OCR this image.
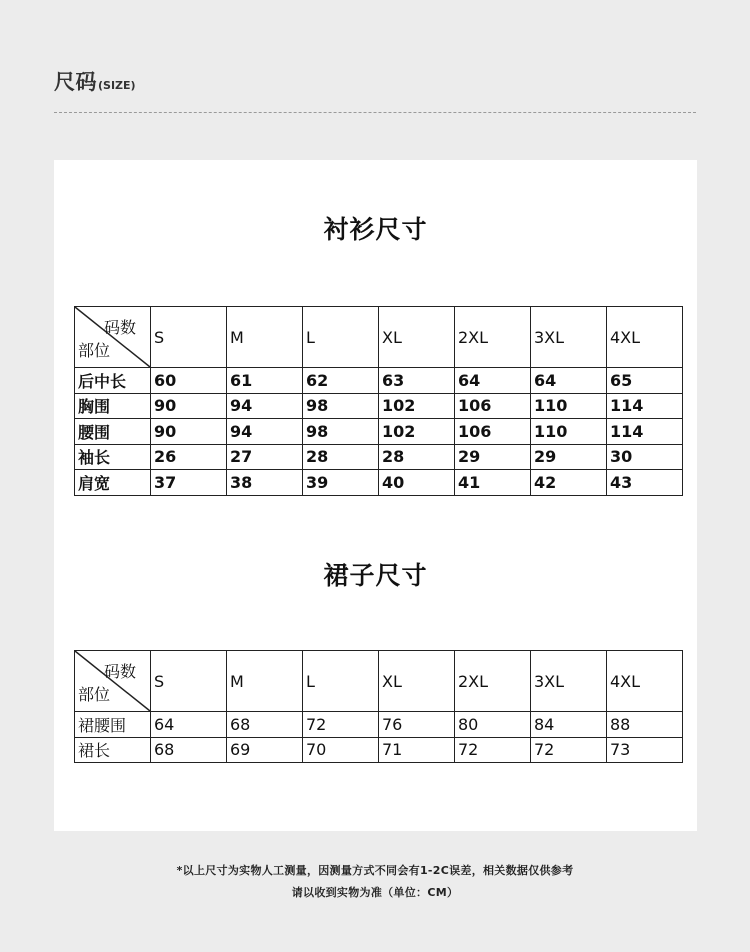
尺码 (SIZE)
衬衫尺寸
码数
部位	S	M	L	XL	2XL	3XL	4XL
后中长	60	61	62	63	64	64	65
胸围	90	94	98	102	106	110	114
腰围	90	94	98	102	106	110	114
袖长	26	27	28	28	29	29	30
肩宽	37	38	39	40	41	42	43
裙子尺寸
码数
部位	S	M	L	XL	2XL	3XL	4XL
裙腰围	64	68	72	76	80	84	88
裙长	68	69	70	71	72	72	73
*以上尺寸为实物人工测量，因测量方式不同会有1-2C误差，相关数据仅供参考
请以收到实物为准（单位：CM）
